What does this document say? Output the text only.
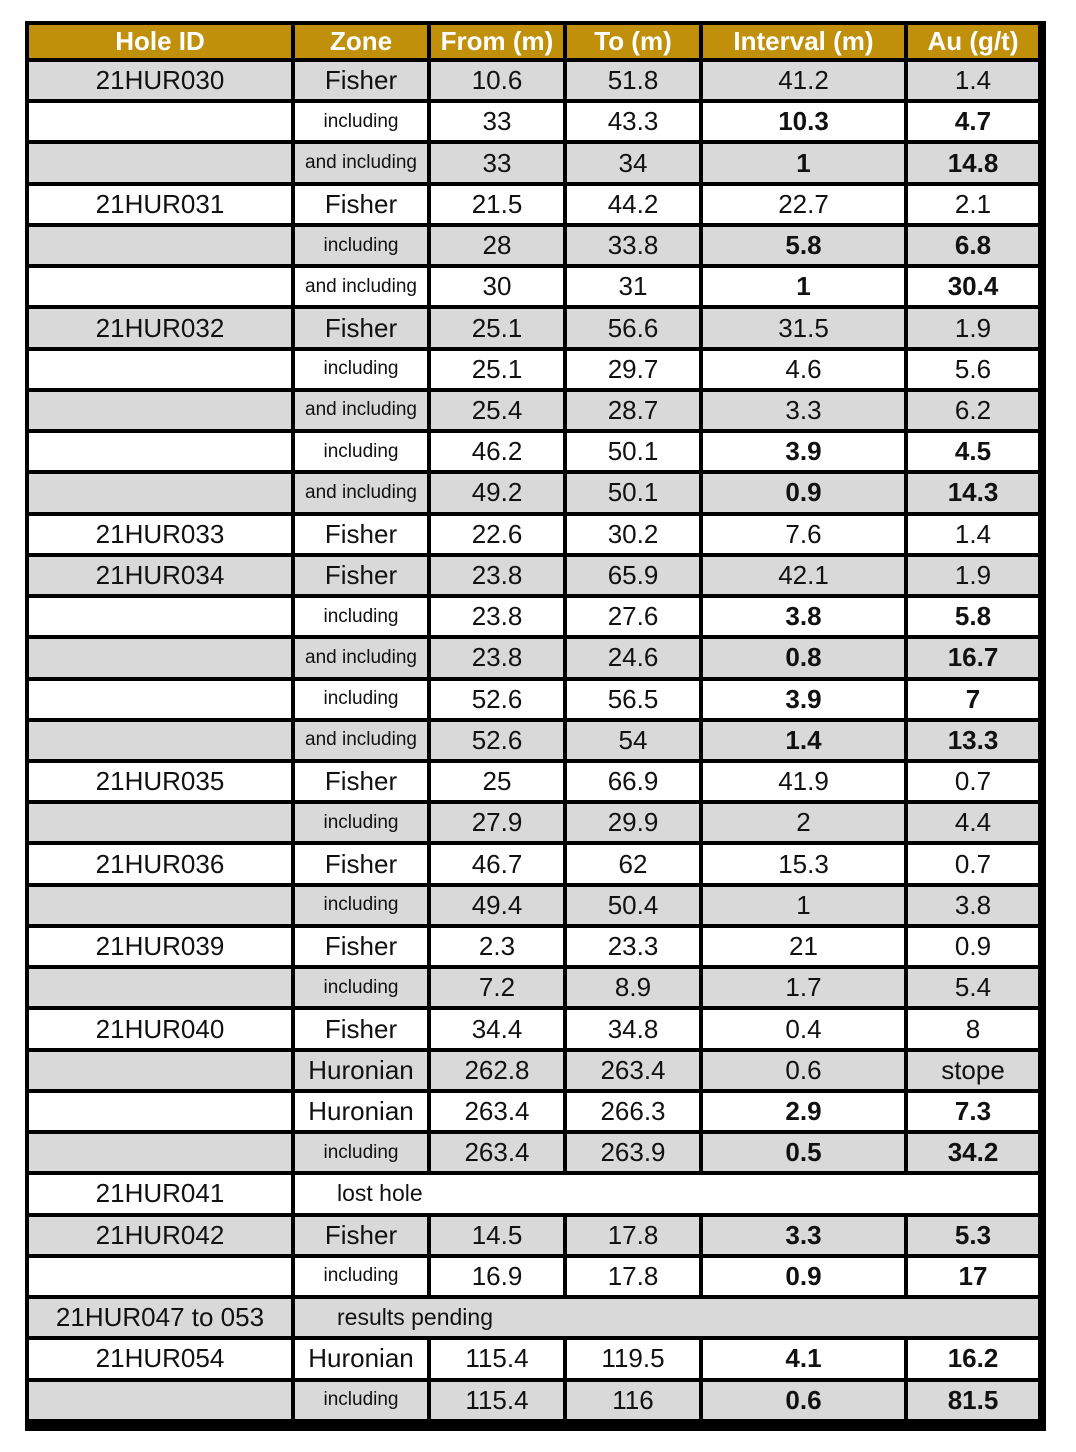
Hole ID	Zone	From (m)	To (m)	Interval (m)	Au (g/t)
21HUR030	Fisher	10.6	51.8	41.2	1.4
	including	33	43.3	10.3	4.7
	and including	33	34	1	14.8
21HUR031	Fisher	21.5	44.2	22.7	2.1
	including	28	33.8	5.8	6.8
	and including	30	31	1	30.4
21HUR032	Fisher	25.1	56.6	31.5	1.9
	including	25.1	29.7	4.6	5.6
	and including	25.4	28.7	3.3	6.2
	including	46.2	50.1	3.9	4.5
	and including	49.2	50.1	0.9	14.3
21HUR033	Fisher	22.6	30.2	7.6	1.4
21HUR034	Fisher	23.8	65.9	42.1	1.9
	including	23.8	27.6	3.8	5.8
	and including	23.8	24.6	0.8	16.7
	including	52.6	56.5	3.9	7
	and including	52.6	54	1.4	13.3
21HUR035	Fisher	25	66.9	41.9	0.7
	including	27.9	29.9	2	4.4
21HUR036	Fisher	46.7	62	15.3	0.7
	including	49.4	50.4	1	3.8
21HUR039	Fisher	2.3	23.3	21	0.9
	including	7.2	8.9	1.7	5.4
21HUR040	Fisher	34.4	34.8	0.4	8
	Huronian	262.8	263.4	0.6	stope
	Huronian	263.4	266.3	2.9	7.3
	including	263.4	263.9	0.5	34.2
21HUR041	lost hole				
21HUR042	Fisher	14.5	17.8	3.3	5.3
	including	16.9	17.8	0.9	17
21HUR047 to 053	results pending				
21HUR054	Huronian	115.4	119.5	4.1	16.2
	including	115.4	116	0.6	81.5
